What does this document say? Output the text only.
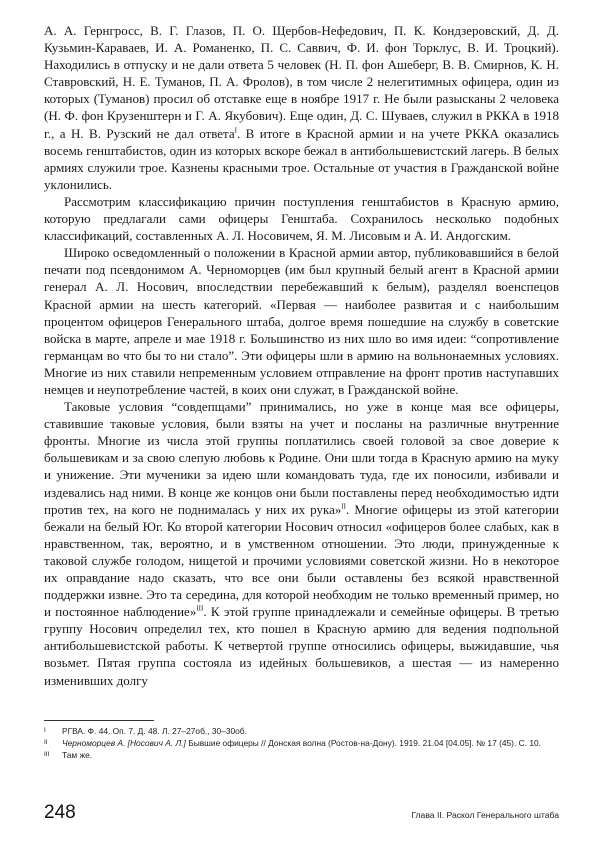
А. А. Гернгросс, В. Г. Глазов, П. О. Щербов-Нефедович, П. К. Кондзеровский, Д. Д. Кузьмин-Караваев, И. А. Романенко, П. С. Саввич, Ф. И. фон Торклус, В. И. Троцкий). Находились в отпуску и не дали ответа 5 человек (Н. П. фон Ашеберг, В. В. Смирнов, К. Н. Ставровский, Н. Е. Туманов, П. А. Фролов), в том числе 2 нелегитимных офицера, один из которых (Туманов) просил об отставке еще в ноябре 1917 г. Не были разысканы 2 человека (Н. Ф. фон Крузенштерн и Г. А. Якубович). Еще один, Д. С. Шуваев, служил в РККА в 1918 г., а Н. В. Рузский не дал ответа$^I$. В итоге в Красной армии и на учете РККА оказались восемь генштабистов, один из которых вскоре бежал в антибольшевистский лагерь. В белых армиях служили трое. Казнены красными трое. Остальные от участия в Гражданской войне уклонились.

Рассмотрим классификацию причин поступления генштабистов в Красную армию, которую предлагали сами офицеры Генштаба. Сохранилось несколько подобных классификаций, составленных А. Л. Носовичем, Я. М. Лисовым и А. И. Андогским.

Широко осведомленный о положении в Красной армии автор, публиковавшийся в белой печати под псевдонимом А. Черноморцев (им был крупный белый агент в Красной армии генерал А. Л. Носович, впоследствии перебежавший к белым), разделял военспецов Красной армии на шесть категорий. «Первая — наиболее развитая и с наибольшим процентом офицеров Генерального штаба, долгое время пошедшие на службу в советские войска в марте, апреле и мае 1918 г. Большинство из них шло во имя идеи: “сопротивление германцам во что бы то ни стало”. Эти офицеры шли в армию на вольнонаемных условиях. Многие из них ставили непременным условием отправление на фронт против наступавших немцев и неупотребление частей, в коих они служат, в Гражданской войне.

Таковые условия “совдепщами” принимались, но уже в конце мая все офицеры, ставившие таковые условия, были взяты на учет и посланы на различные внутренние фронты. Многие из числа этой группы поплатились своей головой за свое доверие к большевикам и за свою слепую любовь к Родине. Они шли тогда в Красную армию на муку и унижение. Эти мученики за идею шли командовать туда, где их поносили, избивали и издевались над ними. В конце же концов они были поставлены перед необходимостью идти против тех, на кого не поднималась у них их рука»$^{II}$. Многие офицеры из этой категории бежали на белый Юг. Ко второй категории Носович относил «офицеров более слабых, как в нравственном, так, вероятно, и в умственном отношении. Это люди, принужденные к таковой службе голодом, нищетой и прочими условиями советской жизни. Но в некоторое их оправдание надо сказать, что все они были оставлены без всякой нравственной поддержки извне. Это та середина, для которой необходим не только временный пример, но и постоянное наблюдение»$^{III}$. К этой группе принадлежали и семейные офицеры. В третью группу Носович определил тех, кто пошел в Красную армию для ведения подпольной антибольшевистской работы. К четвертой группе относились офицеры, выжидавшие, чья возьмет. Пятая группа состояла из идейных большевиков, а шестая — из намеренно изменивших долгу

I РГВА. Ф. 44. Оп. 7. Д. 48. Л. 27–27об., 30–30об.
II Черноморцев А. [Носович А. Л.] Бывшие офицеры // Донская волна (Ростов-на-Дону). 1919. 21.04 [04.05]. № 17 (45). С. 10.
III Там же.
248	Глава II. Раскол Генерального штаба
